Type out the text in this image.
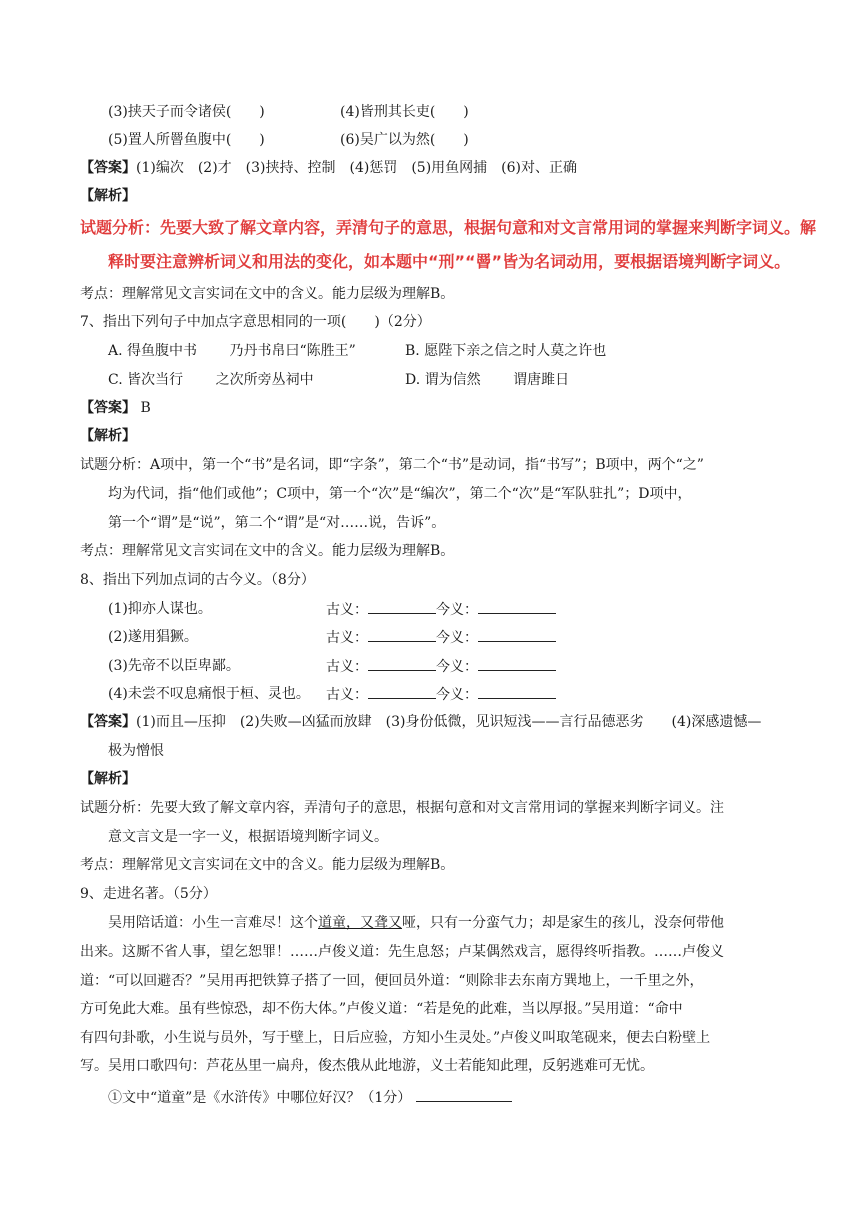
(3)挟天子而令诸侯(　　)	(4)皆刑其长吏(　　)
(5)置人所罾鱼腹中(　　)	(6)吴广以为然(　　)
【答案】(1)编次　(2)才　(3)挟持、控制　(4)惩罚　(5)用鱼网捕　(6)对、正确
【解析】
试题分析：先要大致了解文章内容，弄清句子的意思，根据句意和对文言常用词的掌握来判断字词义。解
释时要注意辨析词义和用法的变化，如本题中“刑”“罾”皆为名词动用，要根据语境判断字词义。
考点：理解常见文言实词在文中的含义。能力层级为理解B。
7、指出下列句子中加点字意思相同的一项(　　)（2分）
A. 得鱼腹中书　　 乃丹书帛曰“陈胜王”	B. 愿陛下亲之信之时人莫之许也
C. 皆次当行　　 之次所旁丛祠中	D. 谓为信然　　 谓唐雎日
【答案】 B
【解析】
试题分析：A项中，第一个“书”是名词，即“字条”，第二个“书”是动词，指“书写”；B项中，两个“之”
均为代词，指“他们或他”；C项中，第一个“次”是“编次”，第二个“次”是“军队驻扎”；D项中，
第一个“谓”是“说”，第二个“谓”是“对……说，告诉”。
考点：理解常见文言实词在文中的含义。能力层级为理解B。
8、指出下列加点词的古今义。（8分）
(1)抑亦人谋也。	古义：	今义：
(2)遂用猖獗。	古义：	今义：
(3)先帝不以臣卑鄙。	古义：	今义：
(4)未尝不叹息痛恨于桓、灵也。 古义：	今义：
【答案】(1)而且—压抑　(2)失败—凶猛而放肆　(3)身份低微，见识短浅——言行品德恶劣　　(4)深感遗憾—
极为憎恨
【解析】
试题分析：先要大致了解文章内容，弄清句子的意思，根据句意和对文言常用词的掌握来判断字词义。注
意文言文是一字一义，根据语境判断字词义。
考点：理解常见文言实词在文中的含义。能力层级为理解B。
9、走进名著。（5分）
吴用陪话道：小生一言难尽！这个道童，又聋又哑，只有一分蛮气力；却是家生的孩儿，没奈何带他
出来。这厮不省人事，望乞恕罪！……卢俊义道：先生息怒；卢某偶然戏言，愿得终听指教。……卢俊义
道：“可以回避否？”吴用再把铁算子搭了一回，便回员外道：“则除非去东南方巽地上，一千里之外，
方可免此大难。虽有些惊恐，却不伤大体。”卢俊义道：“若是免的此难，当以厚报。”吴用道：“命中
有四句卦歌，小生说与员外，写于壁上，日后应验，方知小生灵处。”卢俊义叫取笔砚来，便去白粉壁上
写。吴用口歌四句：芦花丛里一扁舟，俊杰俄从此地游，义士若能知此理，反躬逃难可无忧。
①文中“道童”是《水浒传》中哪位好汉？（1分）
